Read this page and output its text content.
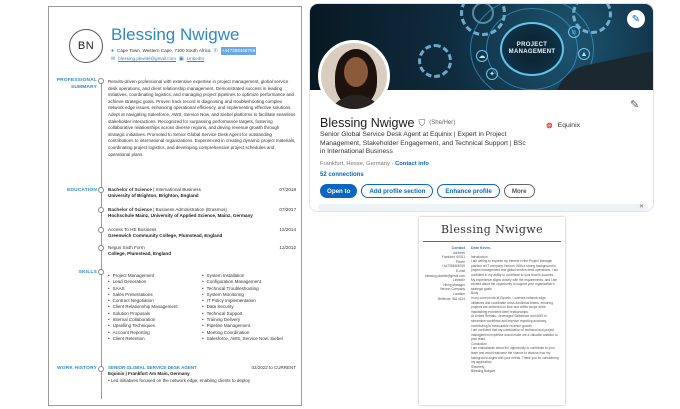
BN
Blessing Nwigwe
● Cape Town, Western Cape, 7100 South Africa ✆ +447358468769
✉ blessing.pkwitel@gmail.com ▣ LinkedIn
PROFESSIONAL SUMMARY
Results-driven professional with extensive expertise in project management, global service desk operations, and client relationship management. Demonstrated success in leading initiatives, coordinating logistics, and managing project pipelines to optimize performance and achieve strategic goals. Proven track record in diagnosing and troubleshooting complex network edge issues, enhancing operational efficiency, and implementing effective solutions. Adept at navigating Salesforce, AWS, Service Now, and Siebel platforms to facilitate seamless stakeholder interactions. Recognized for surpassing performance targets, fostering collaborative relationships across diverse regions, and driving revenue growth through strategic initiatives. Promoted to Senior Global Service Desk Agent for outstanding contributions to international organizations. Experienced in creating dynamic project materials, coordinating project logistics, and developing comprehensive project schedules and operational plans.
EDUCATION Bachelor of Science | International Business	07/2018
University of Brighton, Brighton, England
Bachelor of Science | Business Administration (Erasmus)	07/2017
Hochschule Mainz, University of Applied Science, Mainz, Germany
Access To HE Business	12/2014
Greenwich Community College, Plumstead, England
Negus Sixth Form	12/2012
College, Plumstead, England
SKILLS
• Project Management
• Lead Generation
• SAAS
• Sales Presentations
• Contract Negotiation
• Client Relationship Management
• Solution Proposals
• Internal Collaboration
• Upselling Techniques
• Account Reporting
• Client Retention
• System Installation
• Configuration Management
• Technical Troubleshooting
• System Monitoring
• IT Policy Implementation
• Data Security
• Technical Support
• Training Delivery
• Pipeline Management
• Meeting Coordination
• Salesforce, AWS, Service Now, Siebel
WORK HISTORY SENIOR GLOBAL SERVICE DESK AGENT	02/2022 to CURRENT
Equinix | Frankfurt Am Main, Germany
• Led initiatives focused on the network edge, enabling clients to deploy
☁
✦
▲
☺
PROJECT MANAGEMENT
✎
✎
Blessing Nwigwe ⛉ (She/Her)
Senior Global Service Desk Agent at Equinix | Expert in Project Management, Stakeholder Engagement, and Technical Support | BSc in International Business
⊜ Equinix
Frankfurt, Hesse, Germany · Contact info
52 connections
Open to	Add profile section	Enhance profile	More
✕
Blessing Nwigwe
Contact
Address
Frankfurt, 60311
Phone
+447358468769
E-mail
blessing.pkwitel@gmail.com
LinkedIn
Hiring Manager
Verizon Company
Location
Bellevue, WA 4124
Dear Kevin,
Introduction
I am writing to express my interest in the Project Manager position at IT company Verizon. With a strong background in project management and global service desk operations, I am confident in my ability to contribute to your team's success. My experience aligns closely with the requirements, and I am excited about the opportunity to support your organization's strategic goals.
Body
In my current role at Equinix, I oversee network edge initiatives and coordinate cross-functional teams, ensuring projects are delivered on time and within scope while maintaining excellent client relationships.
At United Rentals, I leveraged Salesforce and AWS to streamline workflows and improve reporting accuracy, contributing to measurable revenue growth.
I am confident that my combination of technical and project management expertise would make me a valuable addition to your team.
Conclusion
I am enthusiastic about the opportunity to contribute to your team and would welcome the chance to discuss how my background aligns with your needs. Thank you for considering my application.
Sincerely,
Blessing Nwigwe
